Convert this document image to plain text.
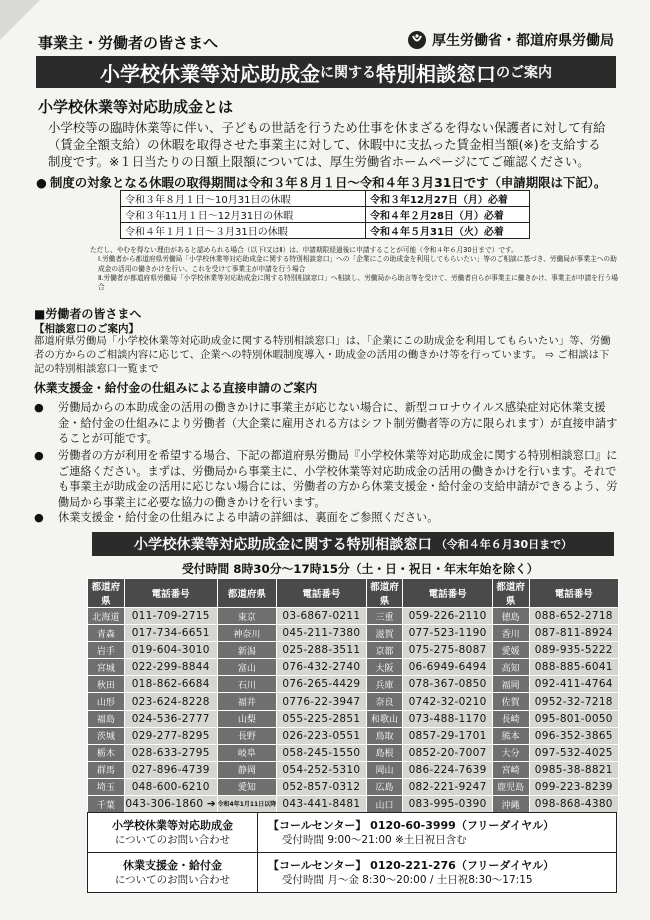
事業主・労働者の皆さまへ	厚生労働省・都道府県労働局
小学校休業等対応助成金 に関する 特別相談窓口 のご案内
小学校休業等対応助成金とは
小学校等の臨時休業等に伴い、子どもの世話を行うため仕事を休まざるを得ない保護者に対して有給（賃金全額支給）の休暇を取得させた事業主に対して、休暇中に支払った賃金相当額(※)を支給する制度です。※１日当たりの日額上限額については、厚生労働省ホームページにてご確認ください。
● 制度の対象となる休暇の取得期間は令和３年８月１日～令和４年３月31日です（申請期限は下記）。
令和３年８月１日～10月31日の休暇	令和３年12月27日（月）必着
令和３年11月１日～12月31日の休暇	令和４年２月28日（月）必着
令和４年１月１日～３月31日の休暇	令和４年５月31日（火）必着
ただし、やむを得ない理由があると認められる場合（以下Ⅰ又はⅡ）は、申請期限経過後に申請することが可能（令和４年６月30日まで）です。
Ⅰ.労働者から都道府県労働局「小学校休業等対応助成金に関する特別相談窓口」への「企業にこの助成金を利用してもらいたい」等のご相談に基づき、労働局が事業主への助成金の活用の働きかけを行い、これを受けて事業主が申請を行う場合
Ⅱ.労働者が都道府県労働局「小学校休業等対応助成金に関する特別相談窓口」へ相談し、労働局から助言等を受けて、労働者自らが事業主に働きかけ、事業主が申請を行う場合
■労働者の皆さまへ
【相談窓口のご案内】
都道府県労働局「小学校休業等対応助成金に関する特別相談窓口」は、「企業にこの助成金を利用してもらいたい」等、労働者の方からのご相談内容に応じて、企業への特別休暇制度導入・助成金の活用の働きかけ等を行っています。 ⇨ ご相談は下記の特別相談窓口一覧まで
休業支援金・給付金の仕組みによる直接申請のご案内
●	労働局からの本助成金の活用の働きかけに事業主が応じない場合に、新型コロナウイルス感染症対応休業支援金・給付金の仕組みにより労働者（大企業に雇用される方はシフト制労働者等の方に限られます）が直接申請することが可能です。
●	労働者の方が利用を希望する場合、下記の都道府県労働局『小学校休業等対応助成金に関する特別相談窓口』にご連絡ください。まずは、労働局から事業主に、小学校休業等対応助成金の活用の働きかけを行います。それでも事業主が助成金の活用に応じない場合には、労働者の方から休業支援金・給付金の支給申請ができるよう、労働局から事業主に必要な協力の働きかけを行います。
●	休業支援金・給付金の仕組みによる申請の詳細は、裏面をご参照ください。
小学校休業等対応助成金に関する特別相談窓口 （令和４年６月30日まで）
受付時間 8時30分～17時15分（土・日・祝日・年末年始を除く）
都道府県	電話番号	都道府県	電話番号	都道府県	電話番号	都道府県	電話番号
北海道	011-709-2715	東京	03-6867-0211	三重	059-226-2110	徳島	088-652-2718
青森	017-734-6651	神奈川	045-211-7380	滋賀	077-523-1190	香川	087-811-8924
岩手	019-604-3010	新潟	025-288-3511	京都	075-275-8087	愛媛	089-935-5222
宮城	022-299-8844	富山	076-432-2740	大阪	06-6949-6494	高知	088-885-6041
秋田	018-862-6684	石川	076-265-4429	兵庫	078-367-0850	福岡	092-411-4764
山形	023-624-8228	福井	0776-22-3947	奈良	0742-32-0210	佐賀	0952-32-7218
福島	024-536-2777	山梨	055-225-2851	和歌山	073-488-1170	長崎	095-801-0050
茨城	029-277-8295	長野	026-223-0551	鳥取	0857-29-1701	熊本	096-352-3865
栃木	028-633-2795	岐阜	058-245-1550	島根	0852-20-7007	大分	097-532-4025
群馬	027-896-4739	静岡	054-252-5310	岡山	086-224-7639	宮崎	0985-38-8821
埼玉	048-600-6210	愛知	052-857-0312	広島	082-221-9247	鹿児島	099-223-8239
千葉	043-306-1860 ➔	令和4年1月11日以降	043-441-8481	山口	083-995-0390	沖縄	098-868-4380
小学校休業等対応助成金
についてのお問い合わせ	【コールセンター】 0120-60-3999（フリーダイヤル）
受付時間 9:00～21:00 ※土日祝日含む
休業支援金・給付金
についてのお問い合わせ	【コールセンター】 0120-221-276（フリーダイヤル）
受付時間 月～金 8:30～20:00 / 土日祝8:30～17:15
